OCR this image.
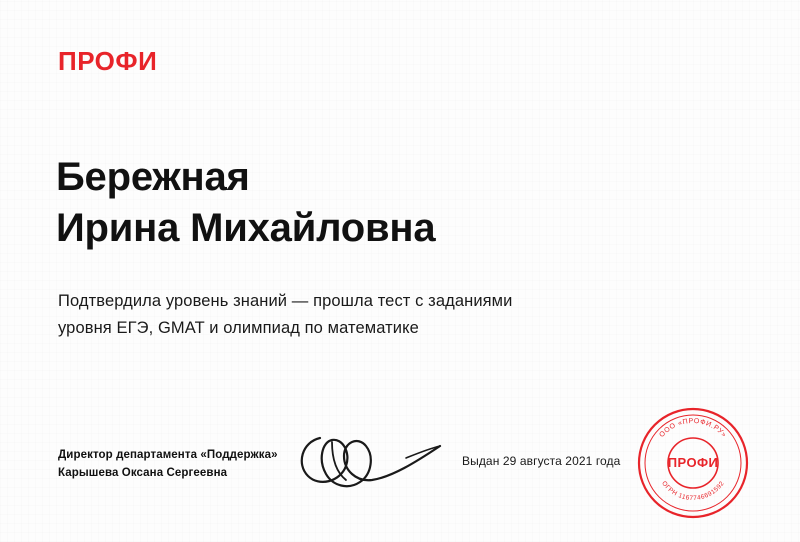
ПРОФИ
Бережная
Ирина Михайловна
Подтвердила уровень знаний — прошла тест с заданиями
уровня ЕГЭ, GMAT и олимпиад по математике
Директор департамента «Поддержка»
Карышева Оксана Сергеевна
Выдан 29 августа 2021 года
ООО «ПРОФИ.РУ»
ОГРН 1167746691592
ПРОФИ
